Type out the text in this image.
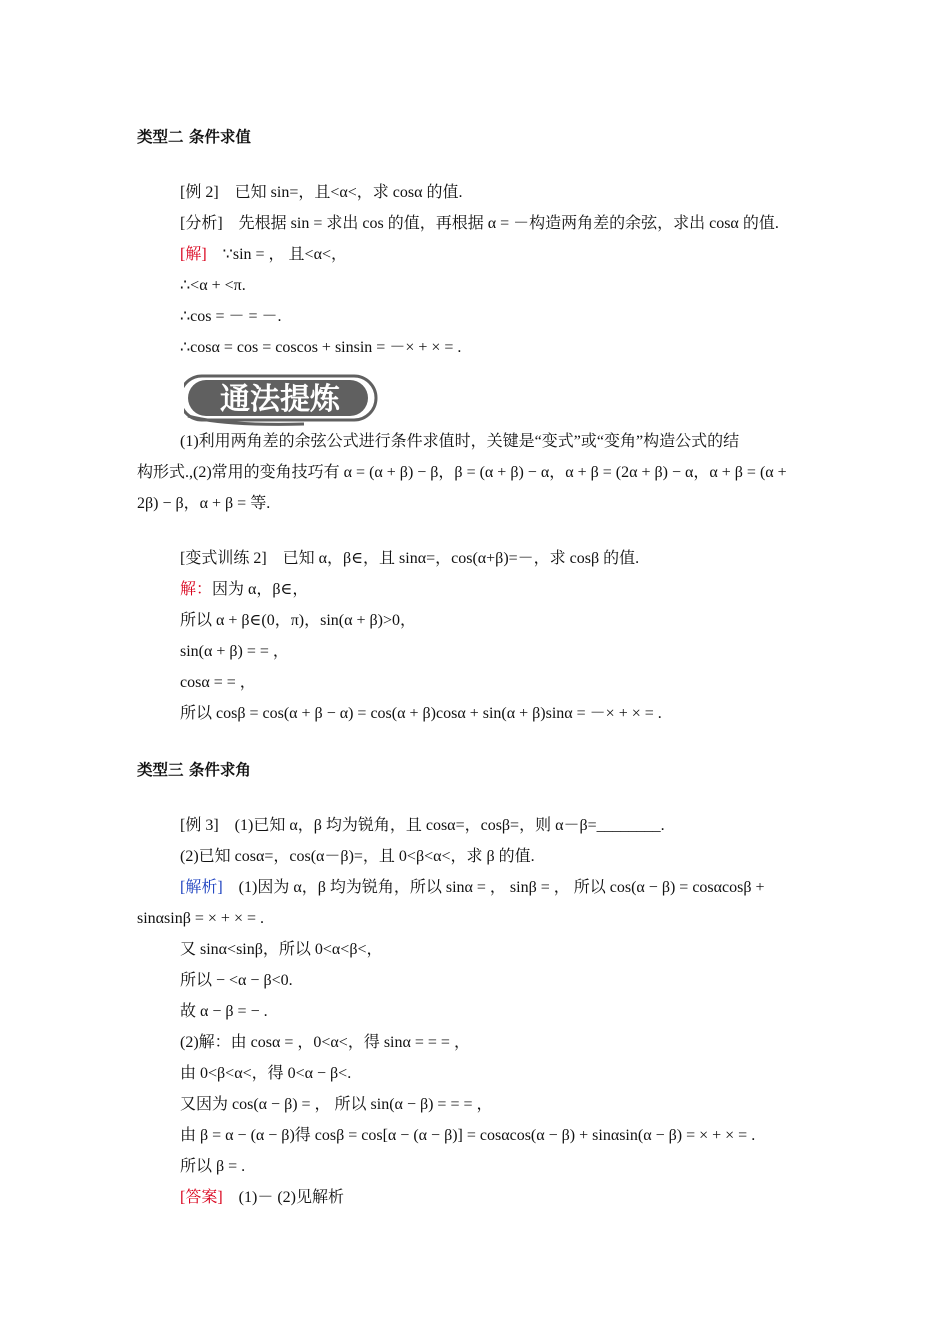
类型二 条件求值
[例 2] 已知 sin=，且<α<，求 cosα 的值.
[分析] 先根据 sin = 求出 cos 的值，再根据 α = －构造两角差的余弦，求出 cosα 的值.
[解] ∵sin = ， 且<α<，
∴<α + <π.
∴cos = － = －.
∴cosα = cos = coscos + sinsin = －× + × = .
通法提炼
(1)利用两角差的余弦公式进行条件求值时，关键是“变式”或“变角”构造公式的结
构形式.,(2)常用的变角技巧有 α = (α + β) − β，β = (α + β) − α，α + β = (2α + β) − α，α + β = (α +
2β) − β，α + β = 等.
[变式训练 2] 已知 α，β∈，且 sinα=，cos(α+β)=－，求 cosβ 的值.
解：因为 α，β∈，
所以 α + β∈(0，π)，sin(α + β)>0，
sin(α + β) = = ，
cosα = = ，
所以 cosβ = cos(α + β − α) = cos(α + β)cosα + sin(α + β)sinα = －× + × = .
类型三 条件求角
[例 3] (1)已知 α，β 均为锐角，且 cosα=，cosβ=，则 α－β=________.
(2)已知 cosα=，cos(α－β)=，且 0<β<α<，求 β 的值.
[解析] (1)因为 α，β 均为锐角，所以 sinα = ， sinβ = ， 所以 cos(α − β) = cosαcosβ +
sinαsinβ = × + × = .
又 sinα<sinβ，所以 0<α<β<，
所以 − <α − β<0.
故 α − β = − .
(2)解：由 cosα = ，0<α<，得 sinα = = = ，
由 0<β<α<，得 0<α − β<.
又因为 cos(α − β) = ， 所以 sin(α − β) = = = ，
由 β = α − (α − β)得 cosβ = cos[α − (α − β)] = cosαcos(α − β) + sinαsin(α − β) = × + × = .
所以 β = .
[答案] (1)－ (2)见解析
